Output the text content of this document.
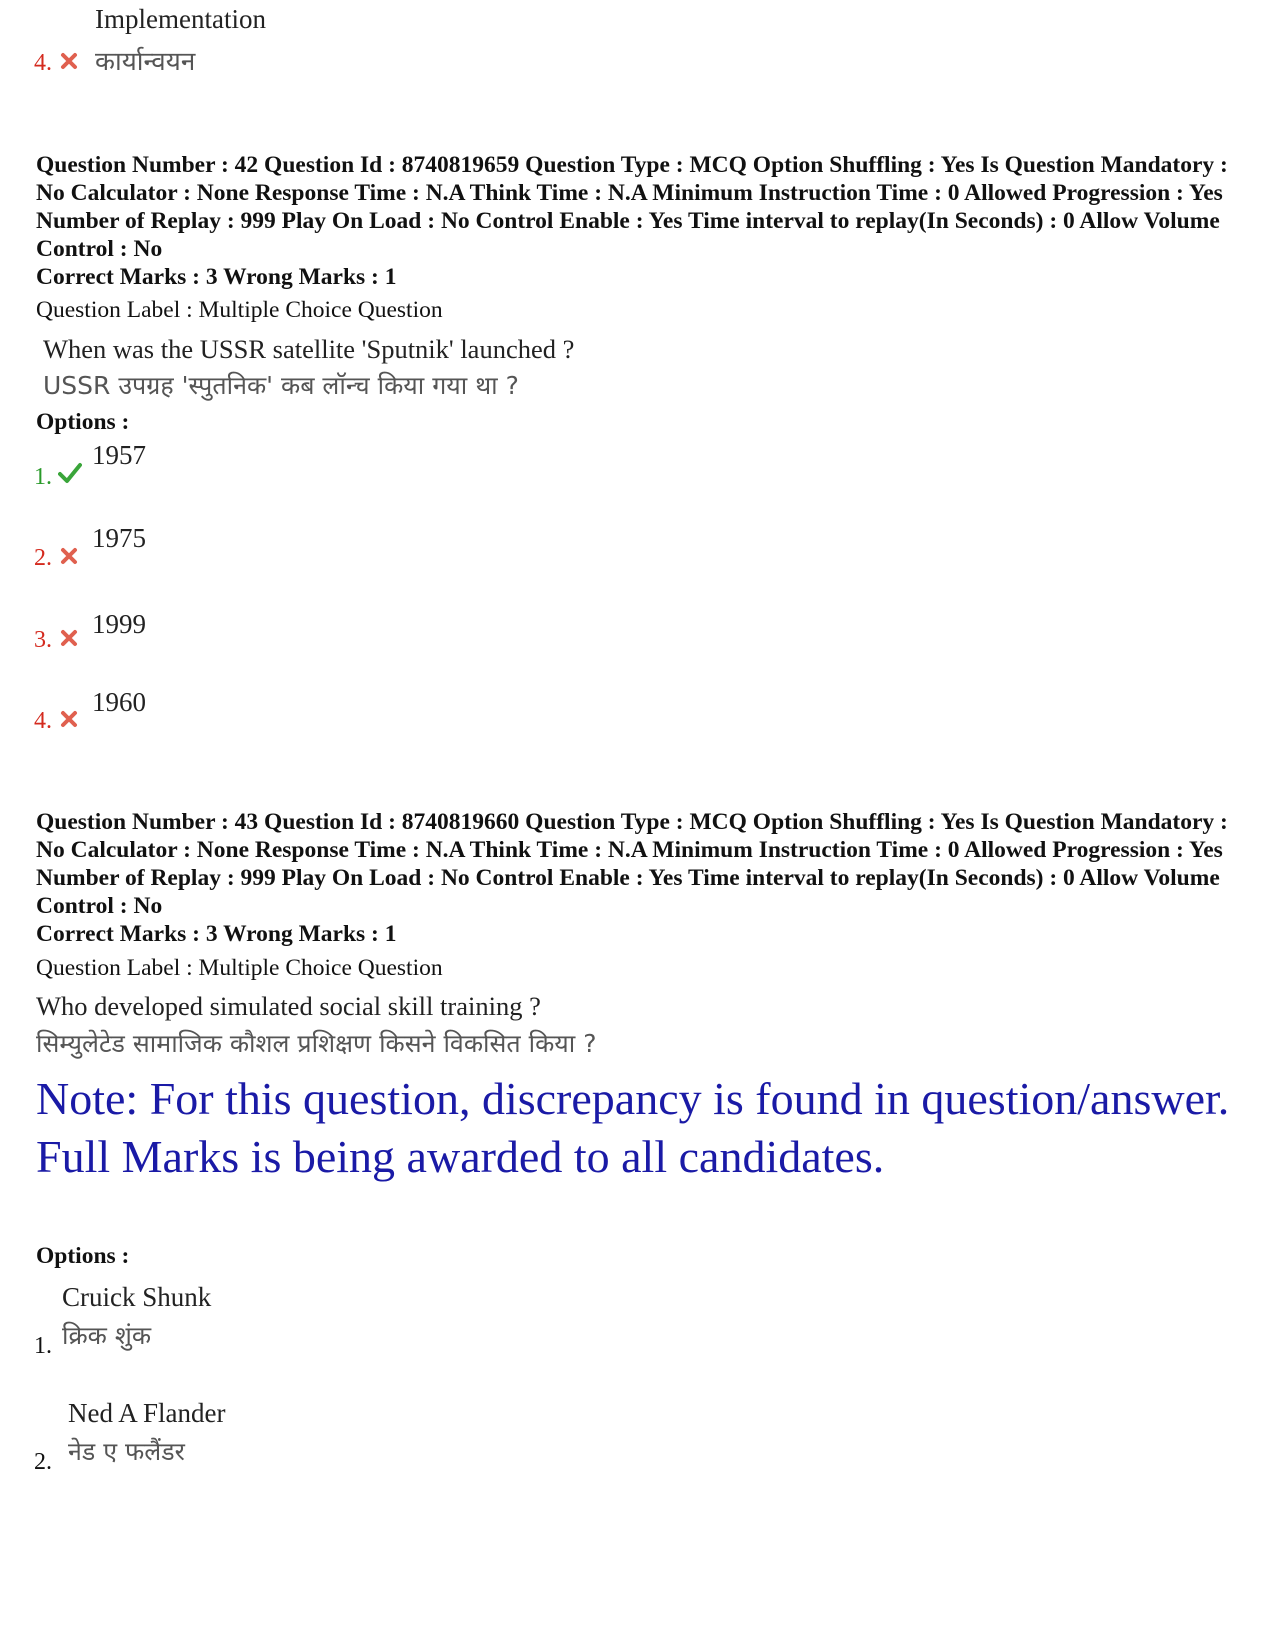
Implementation
4. कार्यान्वयन
Question Number : 42 Question Id : 8740819659 Question Type : MCQ Option Shuffling : Yes Is Question Mandatory : No Calculator : None Response Time : N.A Think Time : N.A Minimum Instruction Time : 0 Allowed Progression : Yes Number of Replay : 999 Play On Load : No Control Enable : Yes Time interval to replay(In Seconds) : 0 Allow Volume Control : No
Correct Marks : 3 Wrong Marks : 1
Question Label : Multiple Choice Question
When was the USSR satellite 'Sputnik' launched ?
USSR उपग्रह 'स्पुतनिक' कब लॉन्च किया गया था ?
Options :
1.
1957
2.
1975
3.
1999
4.
1960
Question Number : 43 Question Id : 8740819660 Question Type : MCQ Option Shuffling : Yes Is Question Mandatory : No Calculator : None Response Time : N.A Think Time : N.A Minimum Instruction Time : 0 Allowed Progression : Yes Number of Replay : 999 Play On Load : No Control Enable : Yes Time interval to replay(In Seconds) : 0 Allow Volume Control : No
Correct Marks : 3 Wrong Marks : 1
Question Label : Multiple Choice Question
Who developed simulated social skill training ?
सिम्युलेटेड सामाजिक कौशल प्रशिक्षण किसने विकसित किया ?
Note: For this question, discrepancy is found in question/answer. Full Marks is being awarded to all candidates.
Options :
Cruick Shunk
1. क्रिक शुंक
Ned A Flander
2. नेड ए फलैंडर
